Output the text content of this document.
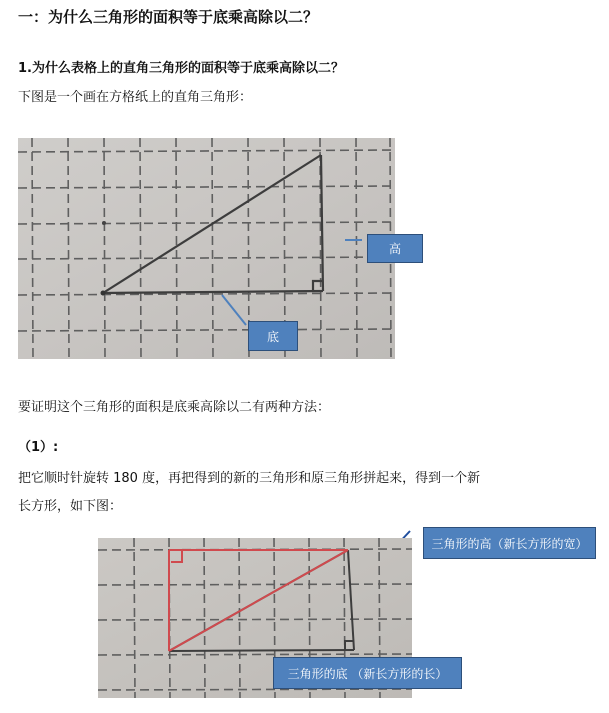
一：为什么三角形的面积等于底乘高除以二？
1.为什么表格上的直角三角形的面积等于底乘高除以二？
下图是一个画在方格纸上的直角三角形：
高
底
要证明这个三角形的面积是底乘高除以二有两种方法：
（1）:
把它顺时针旋转 180 度，再把得到的新的三角形和原三角形拼起来，得到一个新
长方形，如下图：
三角形的高（新长方形的宽）
三角形的底 （新长方形的长）
